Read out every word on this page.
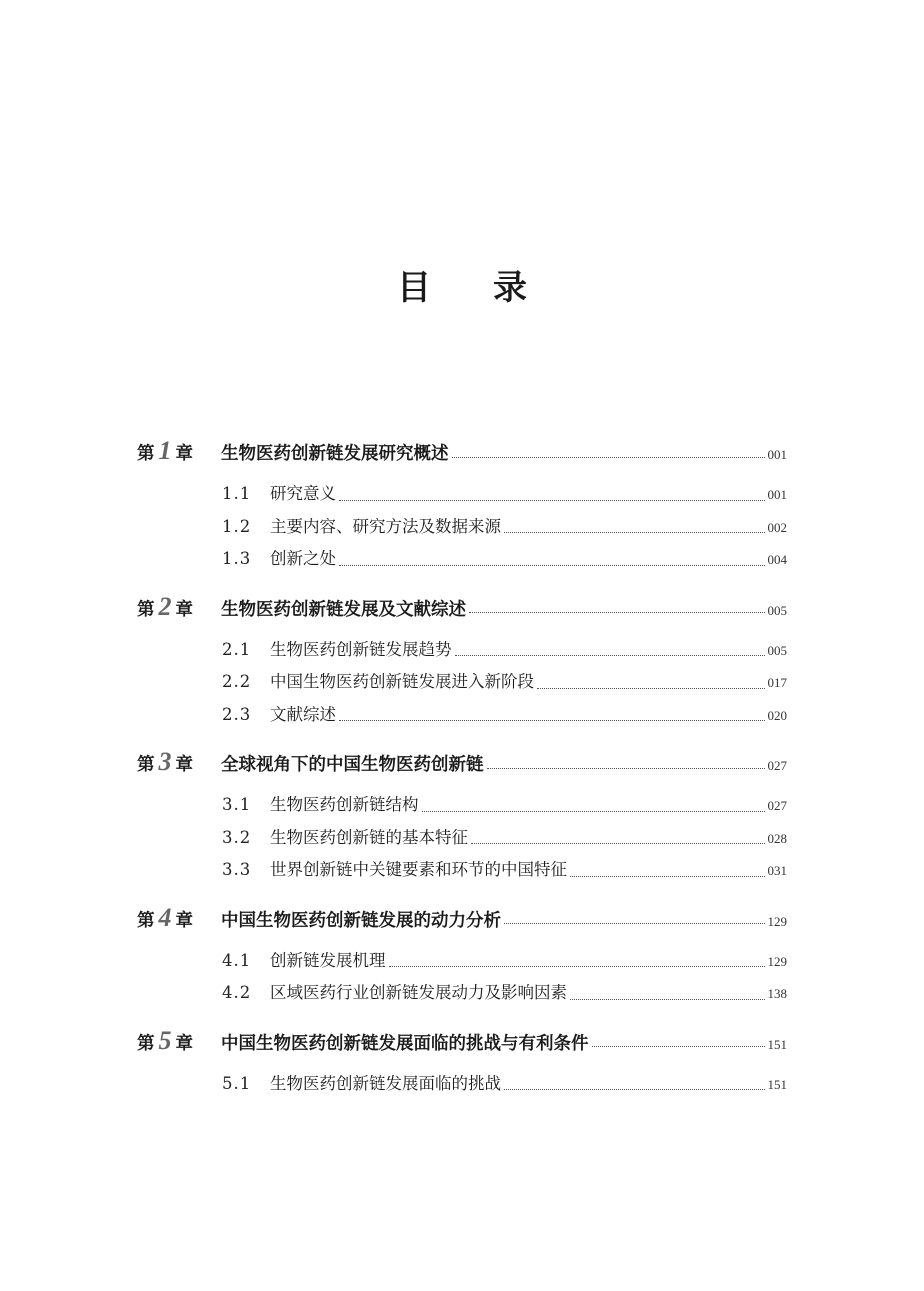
目 录
第 1 章	生物医药创新链发展研究概述	001
1.1	研究意义	001
1.2	主要内容、研究方法及数据来源	002
1.3	创新之处	004
第 2 章	生物医药创新链发展及文献综述	005
2.1	生物医药创新链发展趋势	005
2.2	中国生物医药创新链发展进入新阶段	017
2.3	文献综述	020
第 3 章	全球视角下的中国生物医药创新链	027
3.1	生物医药创新链结构	027
3.2	生物医药创新链的基本特征	028
3.3	世界创新链中关键要素和环节的中国特征	031
第 4 章	中国生物医药创新链发展的动力分析	129
4.1	创新链发展机理	129
4.2	区域医药行业创新链发展动力及影响因素	138
第 5 章	中国生物医药创新链发展面临的挑战与有利条件	151
5.1	生物医药创新链发展面临的挑战	151
